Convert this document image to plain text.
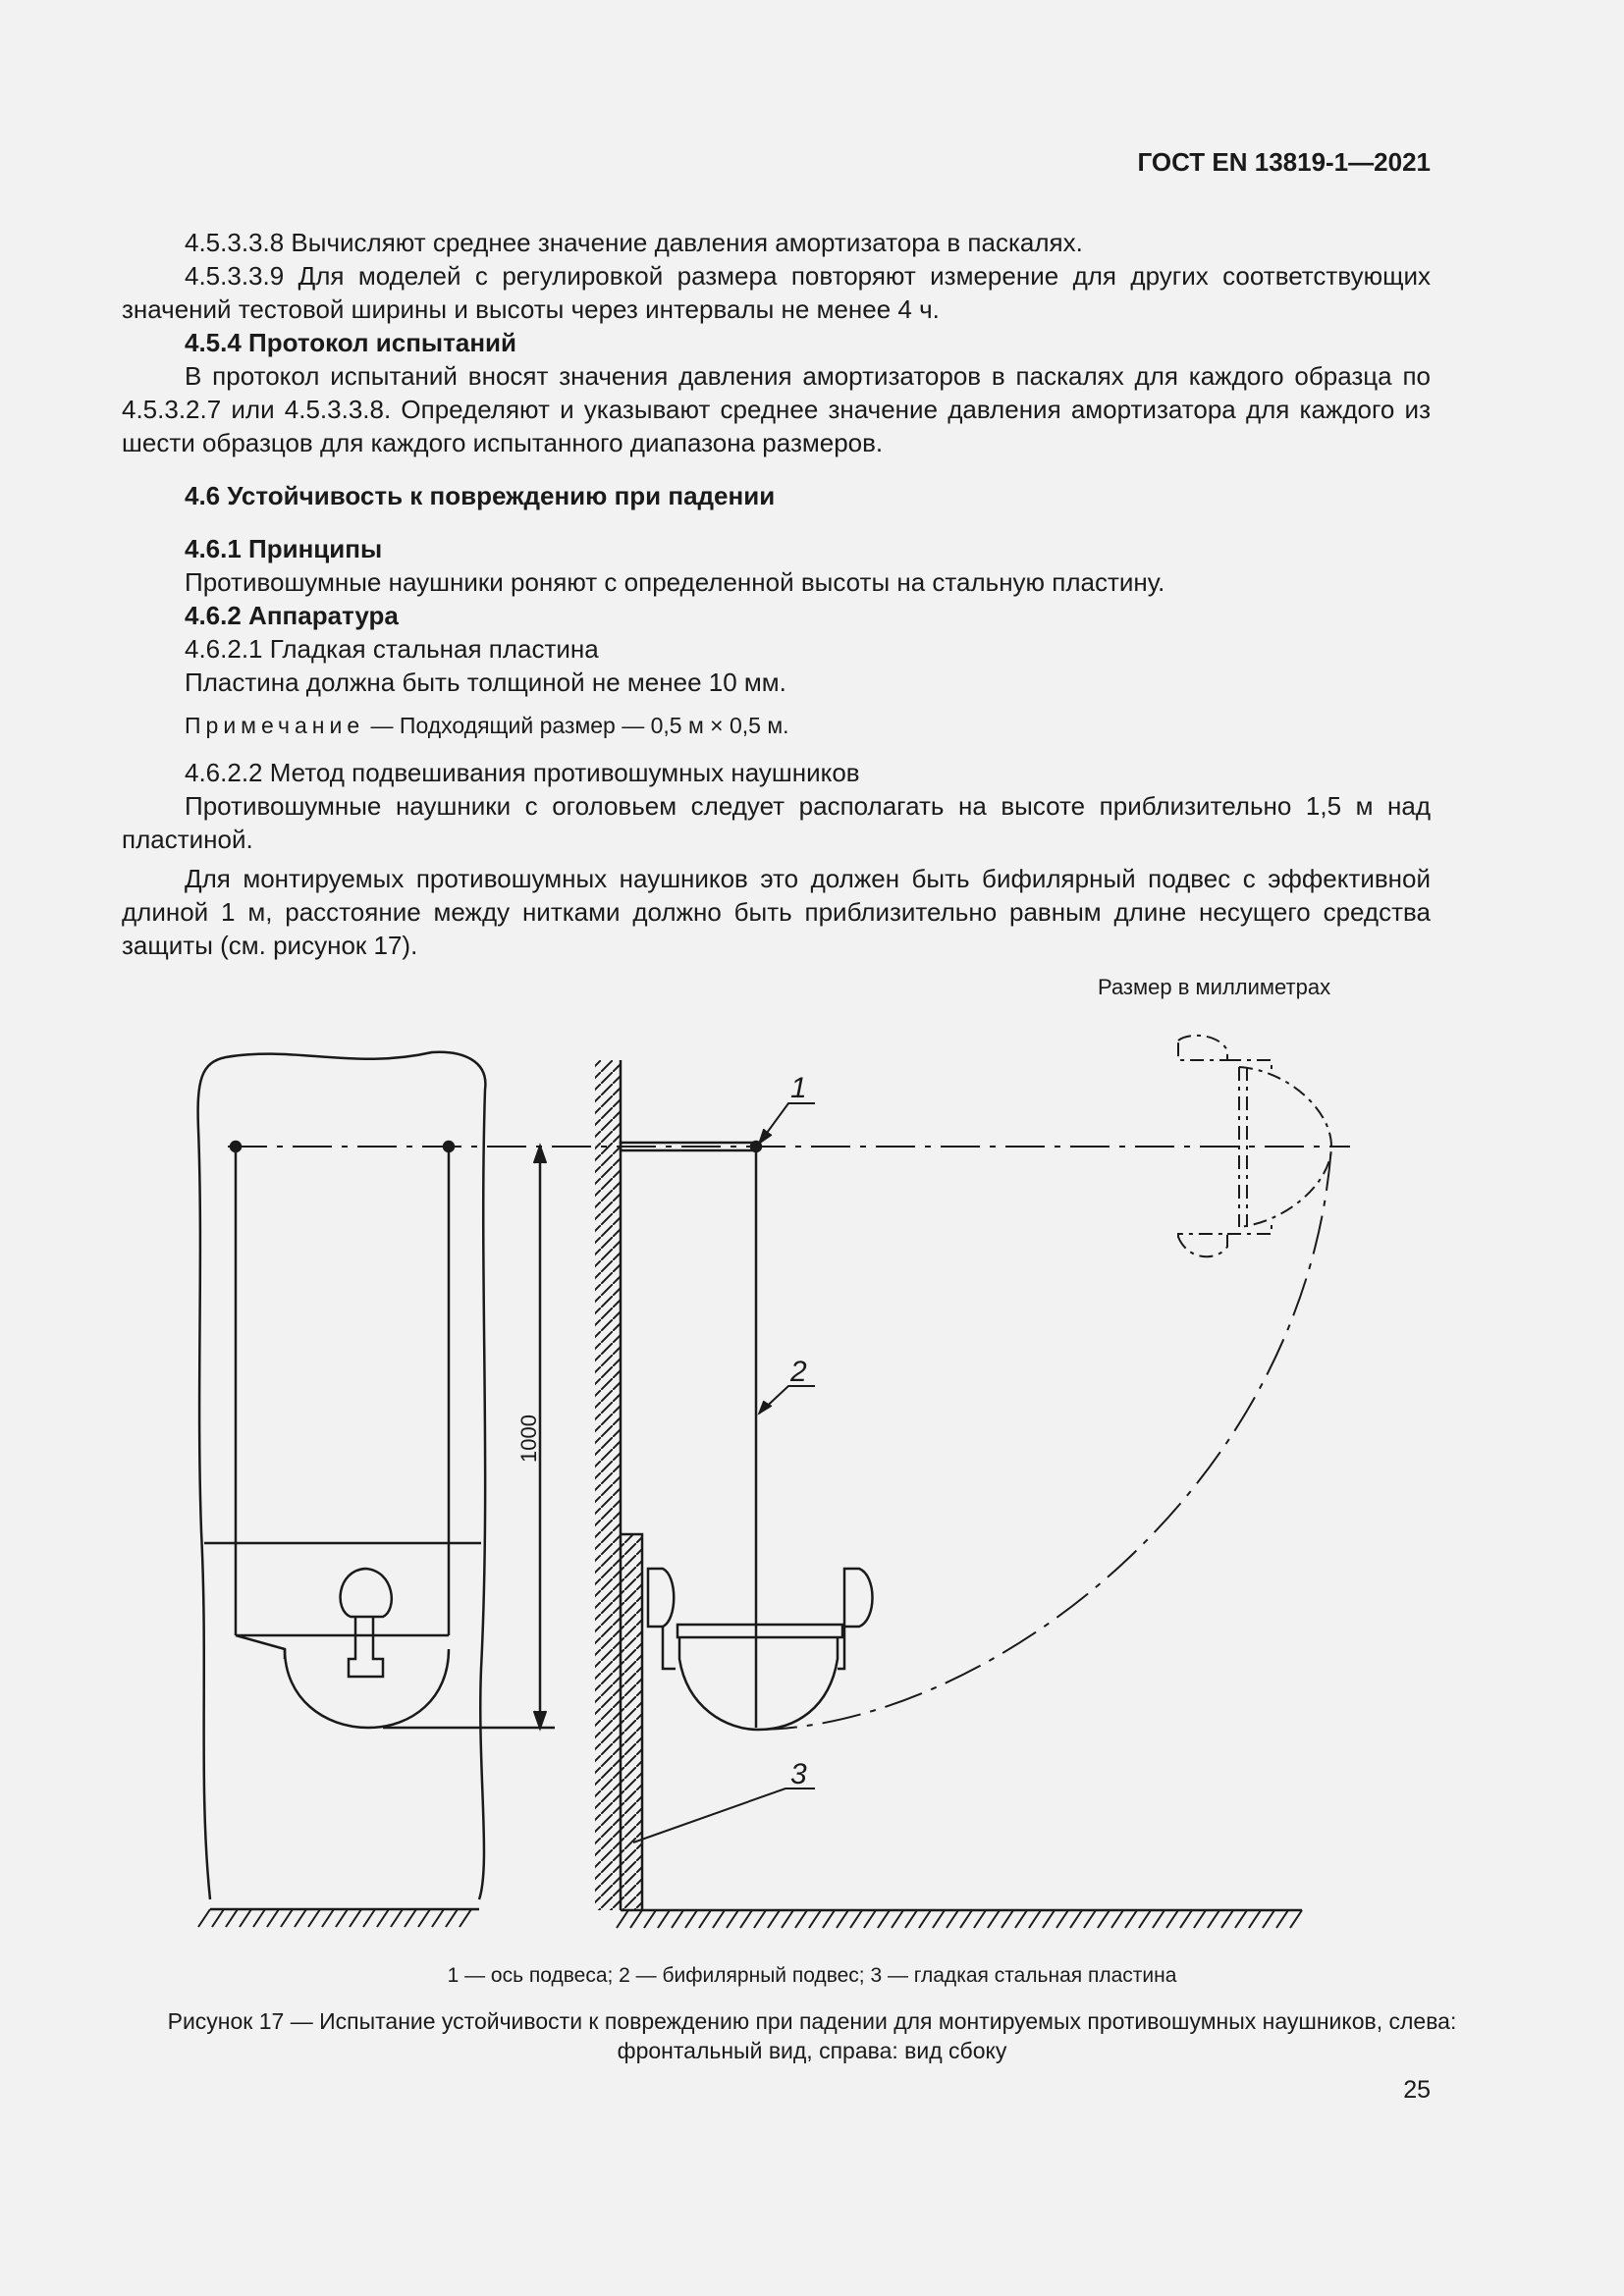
ГОСТ EN 13819-1—2021

4.5.3.3.8 Вычисляют среднее значение давления амортизатора в паскалях.

4.5.3.3.9 Для моделей с регулировкой размера повторяют измерение для других соответствующих значений тестовой ширины и высоты через интервалы не менее 4 ч.

4.5.4 Протокол испытаний

В протокол испытаний вносят значения давления амортизаторов в паскалях для каждого образца по 4.5.3.2.7 или 4.5.3.3.8. Определяют и указывают среднее значение давления амортизатора для каждого из шести образцов для каждого испытанного диапазона размеров.

4.6 Устойчивость к повреждению при падении

4.6.1 Принципы

Противошумные наушники роняют с определенной высоты на стальную пластину.

4.6.2 Аппаратура

4.6.2.1 Гладкая стальная пластина

Пластина должна быть толщиной не менее 10 мм.

Примечание — Подходящий размер — 0,5 м × 0,5 м.

4.6.2.2 Метод подвешивания противошумных наушников

Противошумные наушники с оголовьем следует располагать на высоте приблизительно 1,5 м над пластиной.

Для монтируемых противошумных наушников это должен быть бифилярный подвес с эффективной длиной 1 м, расстояние между нитками должно быть приблизительно равным длине несущего средства защиты (см. рисунок 17).

Размер в миллиметрах
1000
1
2
3
1 — ось подвеса; 2 — бифилярный подвес; 3 — гладкая стальная пластина
Рисунок 17 — Испытание устойчивости к повреждению при падении для монтируемых противошумных наушников, слева: фронтальный вид, справа: вид сбоку
25
